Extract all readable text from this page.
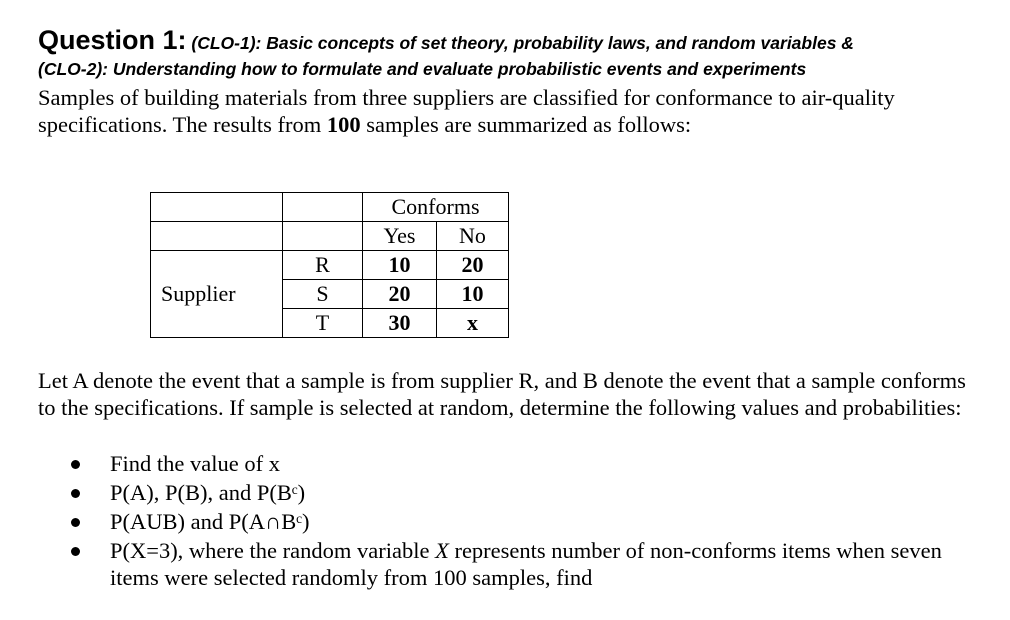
Question 1: (CLO-1): Basic concepts of set theory, probability laws, and random variables &
(CLO-2): Understanding how to formulate and evaluate probabilistic events and experiments
Samples of building materials from three suppliers are classified for conformance to air-quality specifications. The results from 100 samples are summarized as follows:
		Conforms	
		Yes	No
Supplier	R	10	20
	S	20	10
	T	30	x
Let A denote the event that a sample is from supplier R, and B denote the event that a sample conforms to the specifications. If sample is selected at random, determine the following values and probabilities:
Find the value of x
P(A), P(B), and P(Bᶜ)
P(AUB) and P(A∩Bᶜ)
P(X=3), where the random variable X represents number of non-conforms items when seven items were selected randomly from 100 samples, find
